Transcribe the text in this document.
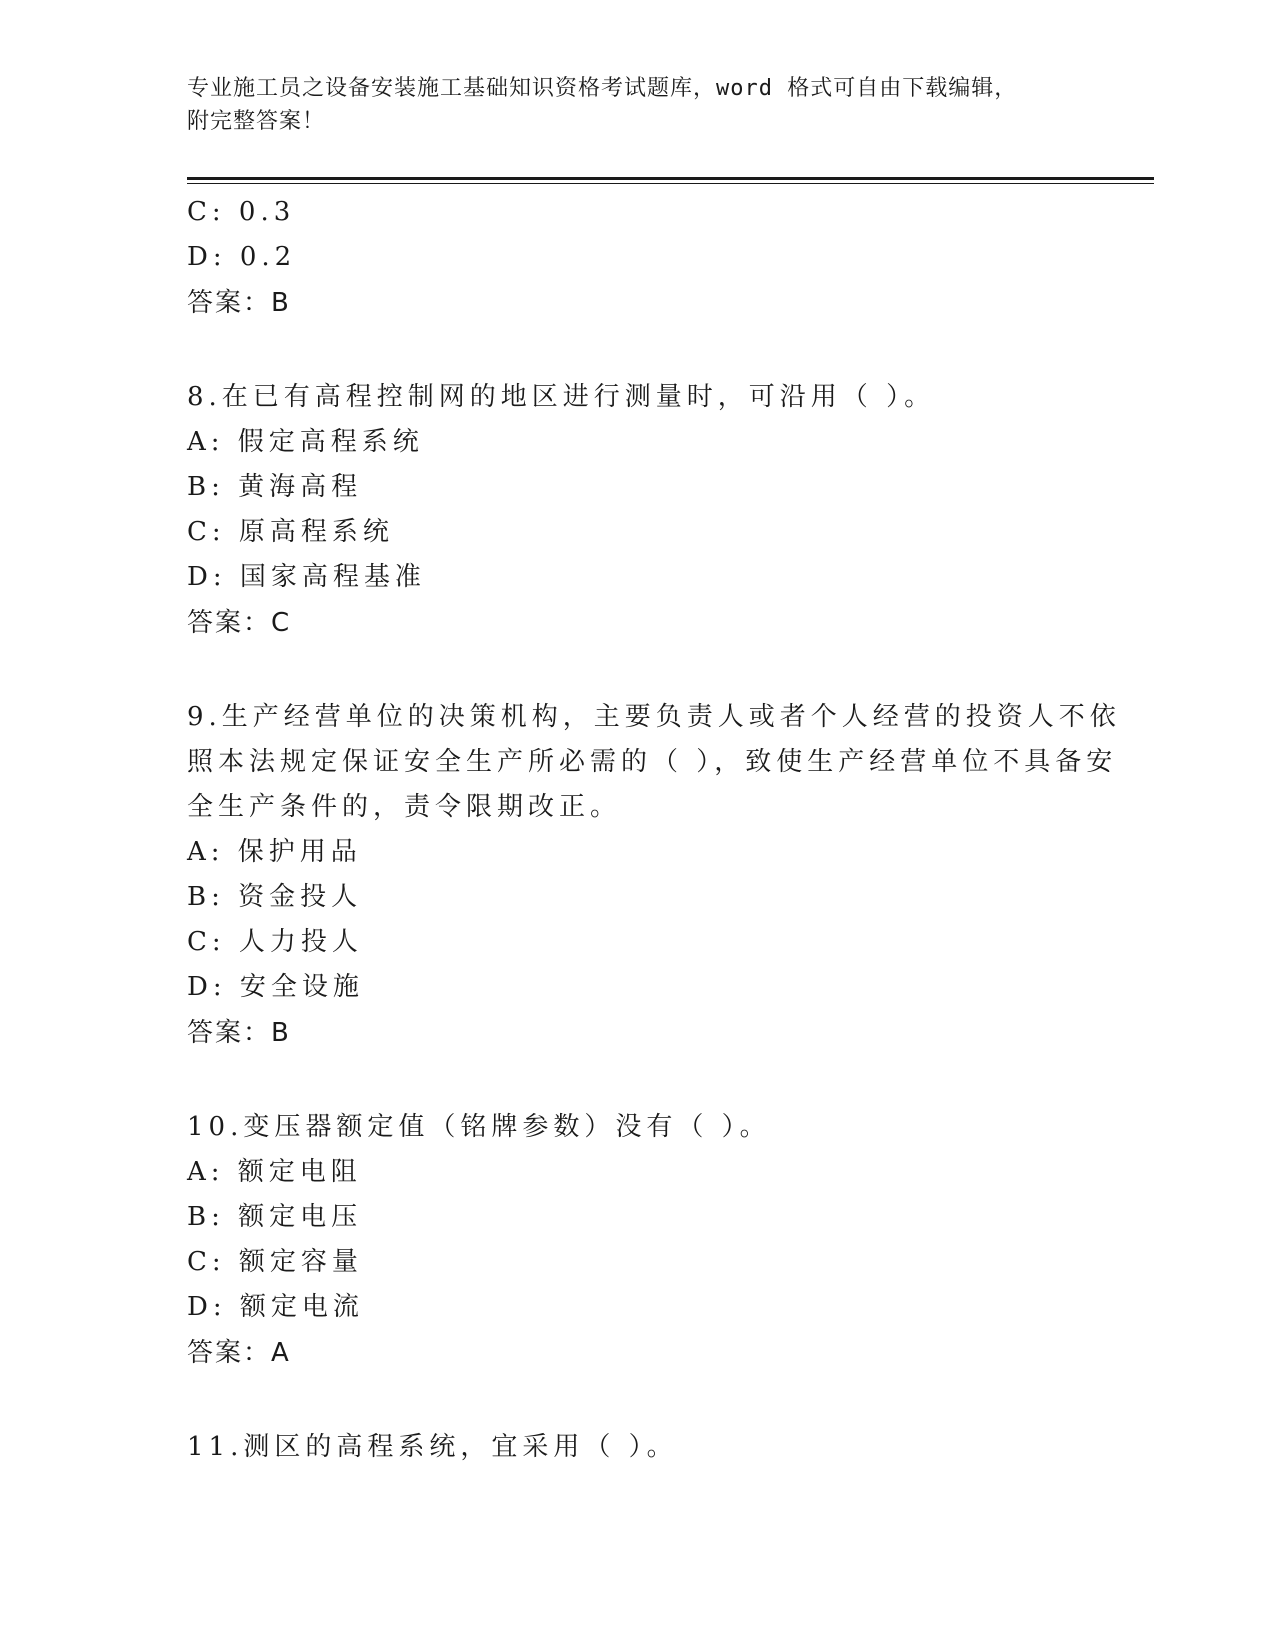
专业施工员之设备安装施工基础知识资格考试题库，word 格式可自由下载编辑，
附完整答案！
C: 0.3
D: 0.2
答案：B
8.在已有高程控制网的地区进行测量时，可沿用（ ）。
A: 假定高程系统
B: 黄海高程
C: 原高程系统
D: 国家高程基准
答案：C
9.生产经营单位的决策机构，主要负责人或者个人经营的投资人不依
照本法规定保证安全生产所必需的（ ），致使生产经营单位不具备安
全生产条件的，责令限期改正。
A: 保护用品
B: 资金投人
C: 人力投人
D: 安全设施
答案：B
10.变压器额定值（铭牌参数）没有（ ）。
A: 额定电阻
B: 额定电压
C: 额定容量
D: 额定电流
答案：A
11.测区的高程系统，宜采用（ ）。
